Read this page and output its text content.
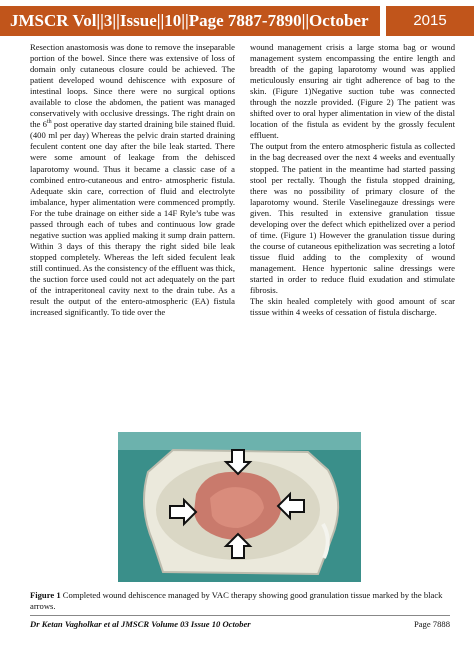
JMSCR Vol||3||Issue||10||Page 7887-7890||October	2015

Resection anastomosis was done to remove the inseparable portion of the bowel. Since there was extensive of loss of domain only cutaneous closure could be achieved. The patient developed wound dehiscence with exposure of intestinal loops. Since there were no surgical options available to close the abdomen, the patient was managed conservatively with occlusive dressings. The right drain on the 6th post operative day started draining bile stained fluid. (400 ml per day) Whereas the pelvic drain started draining feculent content one day after the bile leak started. There were some amount of leakage from the dehisced laparotomy wound. Thus it became a classic case of a combined entro-cutaneous and entro- atmospheric fistula. Adequate skin care, correction of fluid and electrolyte imbalance, hyper alimentation were commenced promptly. For the tube drainage on either side a 14F Ryle’s tube was passed through each of tubes and continuous low grade negative suction was applied making it sump drain pattern. Within 3 days of this therapy the right sided bile leak stopped completely. Whereas the left sided feculent leak still continued. As the consistency of the effluent was thick, the suction force used could not act adequately on the part of the intraperitoneal cavity next to the drain tube. As a result the output of the entero-atmospheric (EA) fistula increased significantly. To tide over the

wound management crisis a large stoma bag or wound management system encompassing the entire length and breadth of the gaping laparotomy wound was applied meticulously ensuring air tight adherence of bag to the skin. (Figure 1)Negative suction tube was connected through the nozzle provided. (Figure 2) The patient was shifted over to oral hyper alimentation in view of the distal location of the fistula as evident by the grossly feculent effluent.

The output from the entero atmospheric fistula as collected in the bag decreased over the next 4 weeks and eventually stopped. The patient in the meantime had started passing stool per rectally. Though the fistula stopped draining, there was no possibility of primary closure of the laparotomy wound. Sterile Vaselinegauze dressings were given. This resulted in extensive granulation tissue developing over the defect which epithelized over a period of time. (Figure 1) However the granulation tissue during the course of cutaneous epithelization was secreting a lotof tissue fluid adding to the complexity of wound management. Hence hypertonic saline dressings were started in order to reduce fluid exudation and stimulate fibrosis.

The skin healed completely with good amount of scar tissue within 4 weeks of cessation of fistula discharge.

Figure 1 Completed wound dehiscence managed by VAC therapy showing good granulation tissue marked by the black arrows.
Dr Ketan Vagholkar et al JMSCR Volume 03 Issue 10 October	Page 7888
